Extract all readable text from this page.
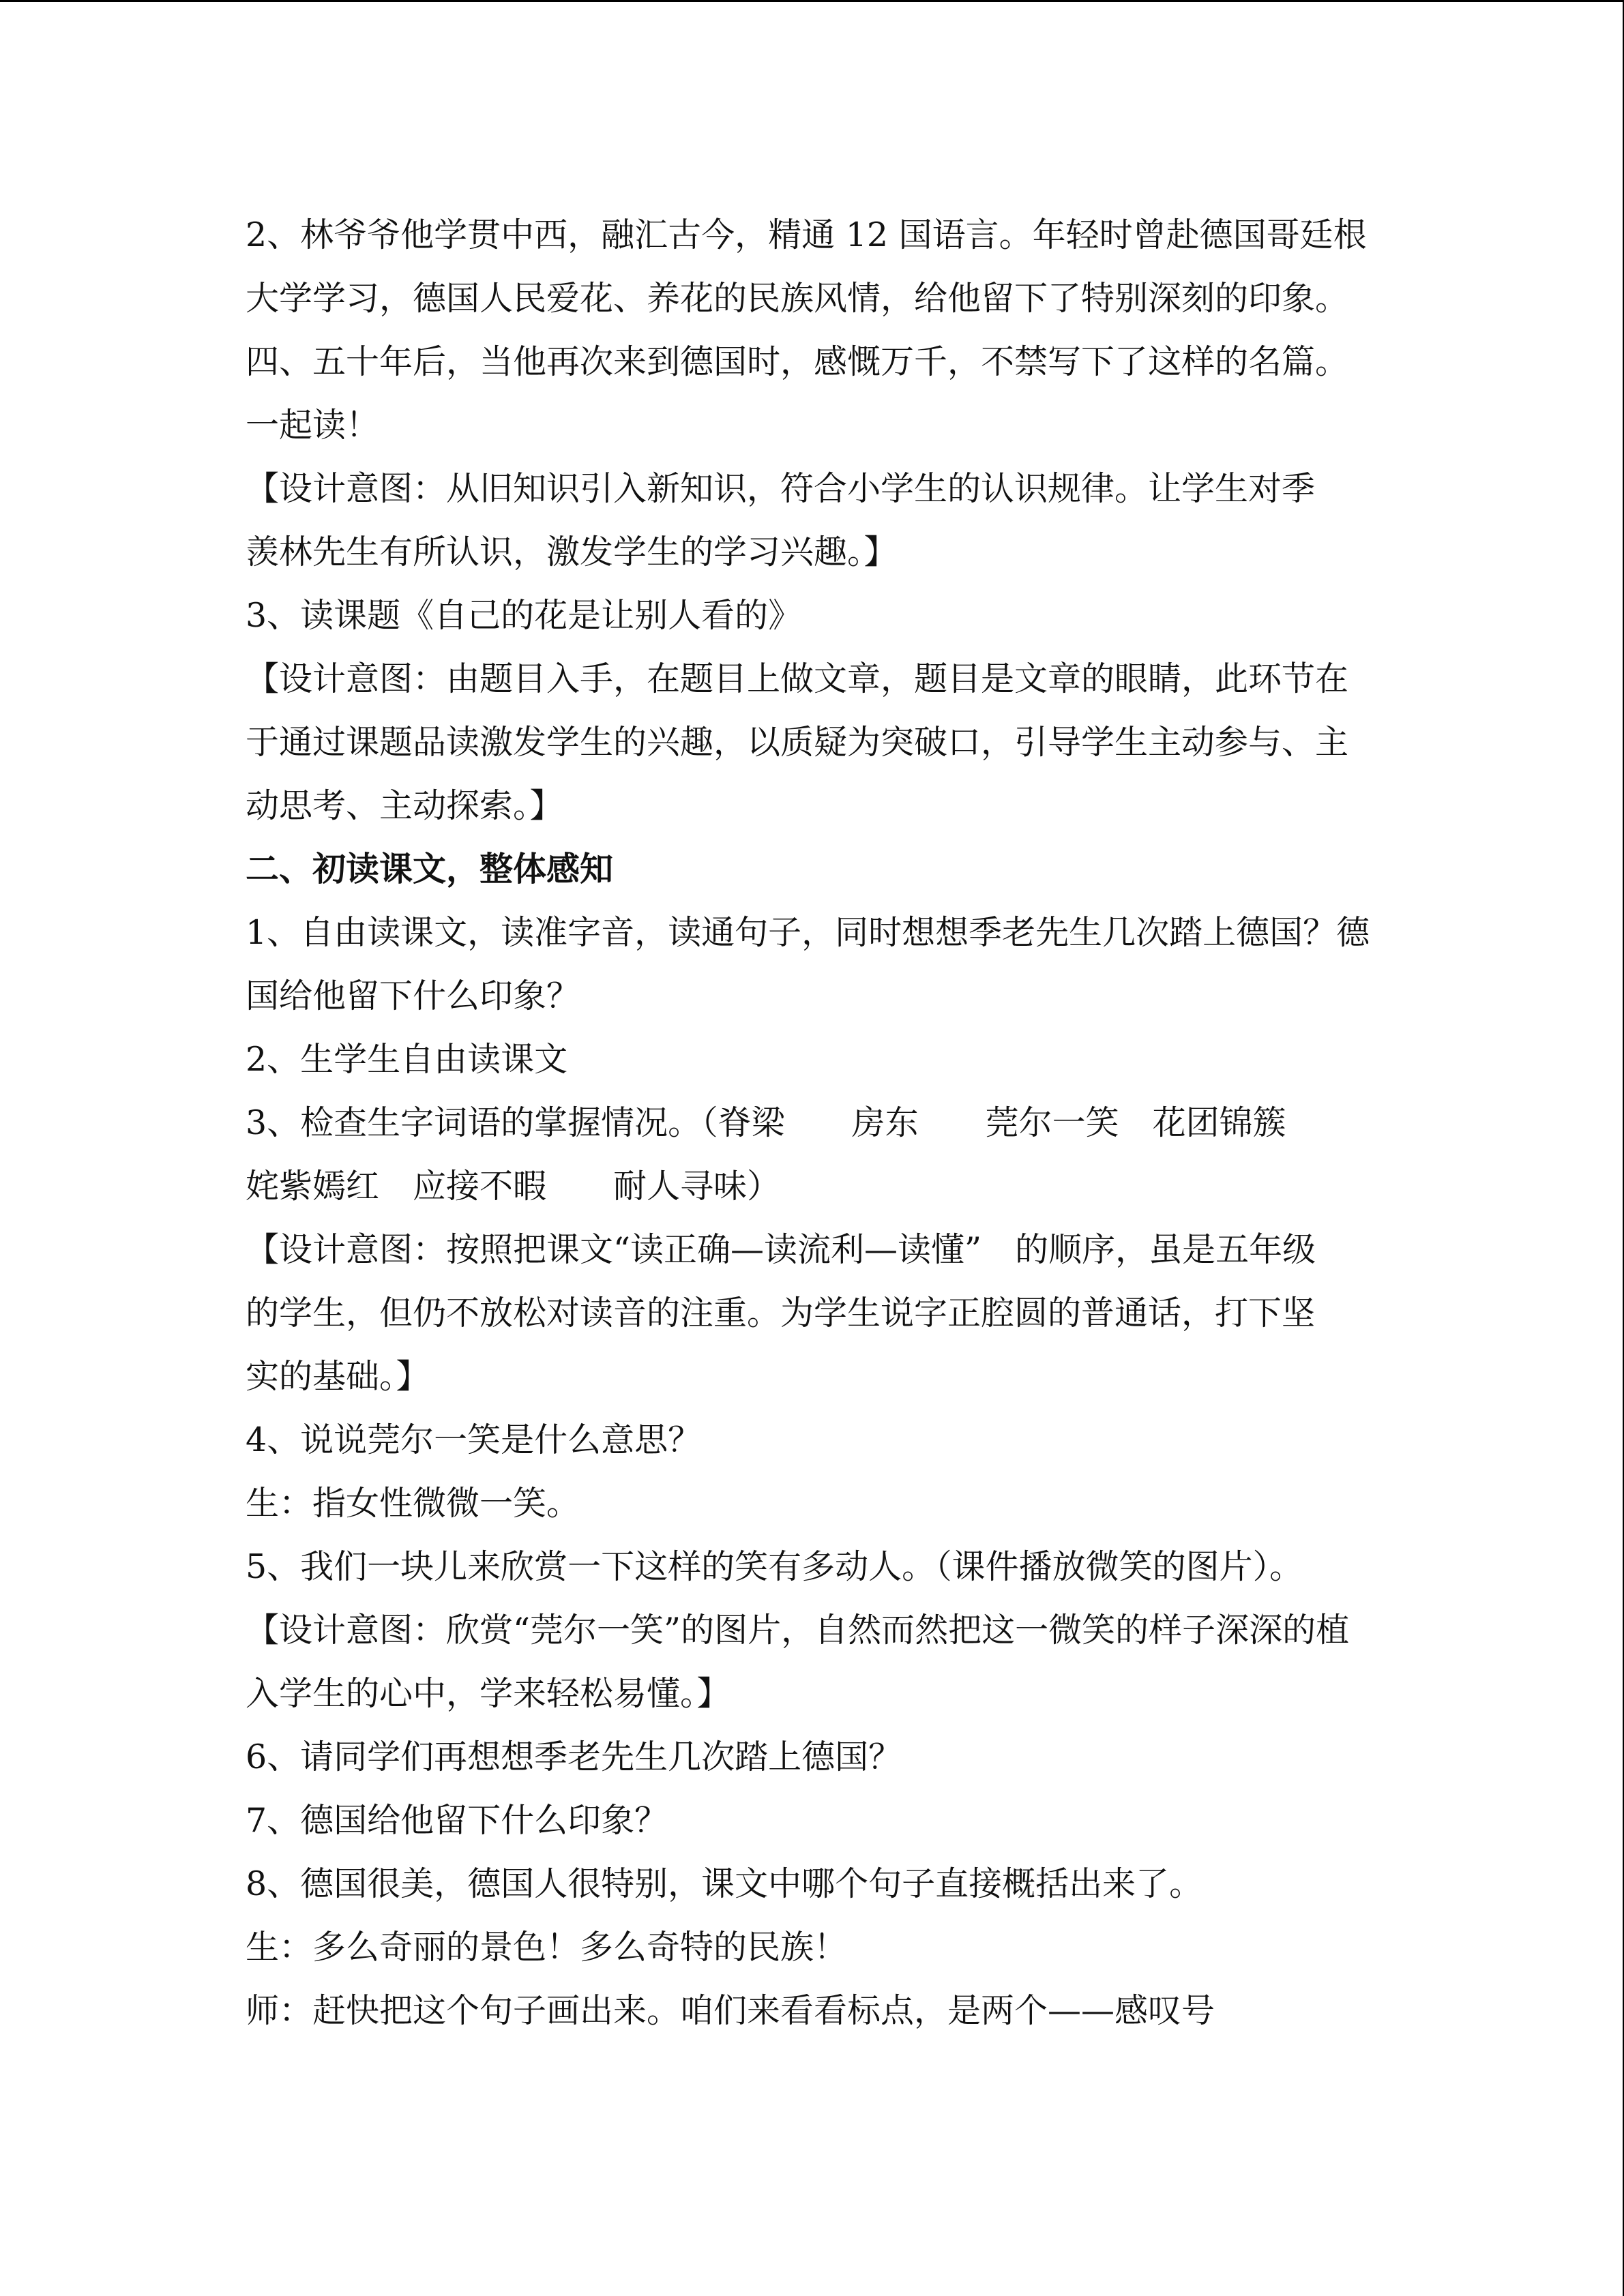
2、林爷爷他学贯中西，融汇古今，精通 12 国语言。年轻时曾赴德国哥廷根大学学习，德国人民爱花、养花的民族风情，给他留下了特别深刻的印象。四、五十年后，当他再次来到德国时，感慨万千，不禁写下了这样的名篇。一起读！

【设计意图：从旧知识引入新知识，符合小学生的认识规律。让学生对季羡林先生有所认识，激发学生的学习兴趣。】

3、读课题《自己的花是让别人看的》

【设计意图：由题目入手，在题目上做文章，题目是文章的眼睛，此环节在于通过课题品读激发学生的兴趣，以质疑为突破口，引导学生主动参与、主动思考、主动探索。】

二、初读课文，整体感知

1、自由读课文，读准字音，读通句子，同时想想季老先生几次踏上德国？德国给他留下什么印象？

2、生学生自由读课文

3、检查生字词语的掌握情况。（脊梁　　房东　　莞尔一笑　花团锦簇　　姹紫嫣红　应接不暇　　耐人寻味）

【设计意图：按照把课文“读正确—读流利—读懂”　的顺序，虽是五年级的学生，但仍不放松对读音的注重。为学生说字正腔圆的普通话，打下坚实的基础。】

4、说说莞尔一笑是什么意思？

生：指女性微微一笑。

5、我们一块儿来欣赏一下这样的笑有多动人。（课件播放微笑的图片）。

【设计意图：欣赏“莞尔一笑”的图片，自然而然把这一微笑的样子深深的植入学生的心中，学来轻松易懂。】

6、请同学们再想想季老先生几次踏上德国？

7、德国给他留下什么印象？

8、德国很美，德国人很特别，课文中哪个句子直接概括出来了。

生：多么奇丽的景色！多么奇特的民族！

师：赶快把这个句子画出来。咱们来看看标点，是两个——感叹号
